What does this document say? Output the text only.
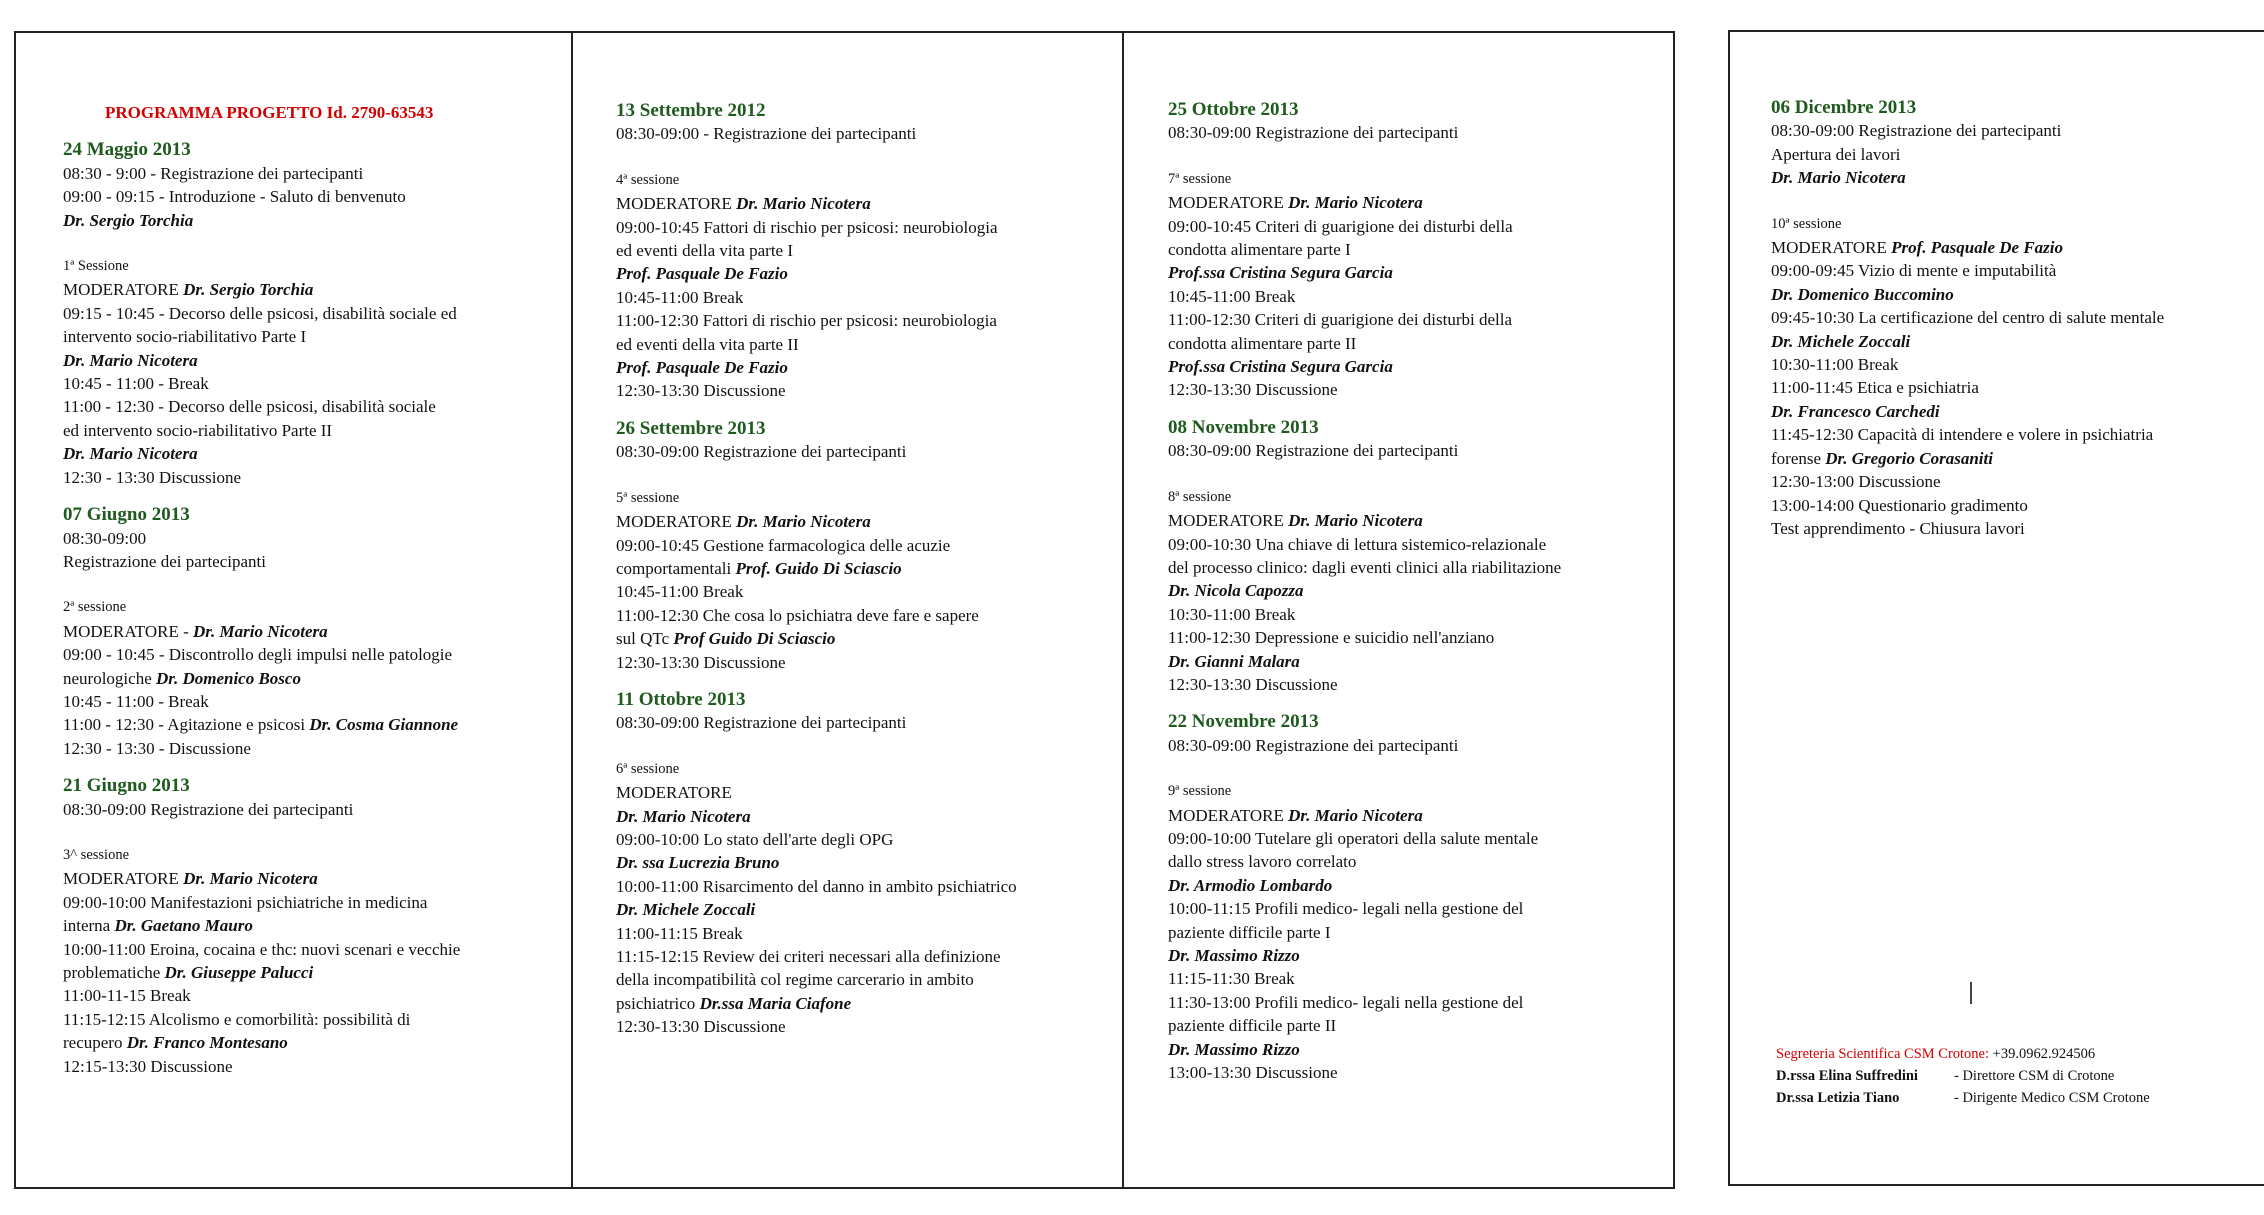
PROGRAMMA PROGETTO Id. 2790-63543
24 Maggio 2013
08:30 - 9:00 - Registrazione dei partecipanti
09:00 - 09:15 - Introduzione - Saluto di benvenuto
Dr. Sergio Torchia
1ª Sessione
MODERATORE Dr. Sergio Torchia
09:15 - 10:45 - Decorso delle psicosi, disabilità sociale ed
intervento socio-riabilitativo Parte I
Dr. Mario Nicotera
10:45 - 11:00 - Break
11:00 - 12:30 - Decorso delle psicosi, disabilità sociale
ed intervento socio-riabilitativo Parte II
Dr. Mario Nicotera
12:30 - 13:30 Discussione
07 Giugno 2013
08:30-09:00
Registrazione dei partecipanti
2ª sessione
MODERATORE - Dr. Mario Nicotera
09:00 - 10:45 - Discontrollo degli impulsi nelle patologie
neurologiche Dr. Domenico Bosco
10:45 - 11:00 - Break
11:00 - 12:30 - Agitazione e psicosi Dr. Cosma Giannone
12:30 - 13:30 - Discussione
21 Giugno 2013
08:30-09:00 Registrazione dei partecipanti
3^ sessione
MODERATORE Dr. Mario Nicotera
09:00-10:00 Manifestazioni psichiatriche in medicina
interna Dr. Gaetano Mauro
10:00-11:00 Eroina, cocaina e thc: nuovi scenari e vecchie
problematiche Dr. Giuseppe Palucci
11:00-11-15 Break
11:15-12:15 Alcolismo e comorbilità: possibilità di
recupero Dr. Franco Montesano
12:15-13:30 Discussione
13 Settembre 2012
08:30-09:00 - Registrazione dei partecipanti
4ª sessione
MODERATORE Dr. Mario Nicotera
09:00-10:45 Fattori di rischio per psicosi: neurobiologia
ed eventi della vita parte I
Prof. Pasquale De Fazio
10:45-11:00 Break
11:00-12:30 Fattori di rischio per psicosi: neurobiologia
ed eventi della vita parte II
Prof. Pasquale De Fazio
12:30-13:30 Discussione
26 Settembre 2013
08:30-09:00 Registrazione dei partecipanti
5ª sessione
MODERATORE Dr. Mario Nicotera
09:00-10:45 Gestione farmacologica delle acuzie
comportamentali Prof. Guido Di Sciascio
10:45-11:00 Break
11:00-12:30 Che cosa lo psichiatra deve fare e sapere
sul QTc Prof Guido Di Sciascio
12:30-13:30 Discussione
11 Ottobre 2013
08:30-09:00 Registrazione dei partecipanti
6ª sessione
MODERATORE
Dr. Mario Nicotera
09:00-10:00 Lo stato dell'arte degli OPG
Dr. ssa Lucrezia Bruno
10:00-11:00 Risarcimento del danno in ambito psichiatrico
Dr. Michele Zoccali
11:00-11:15 Break
11:15-12:15 Review dei criteri necessari alla definizione
della incompatibilità col regime carcerario in ambito
psichiatrico Dr.ssa Maria Ciafone
12:30-13:30 Discussione
25 Ottobre 2013
08:30-09:00 Registrazione dei partecipanti
7ª sessione
MODERATORE Dr. Mario Nicotera
09:00-10:45 Criteri di guarigione dei disturbi della
condotta alimentare parte I
Prof.ssa Cristina Segura Garcia
10:45-11:00 Break
11:00-12:30 Criteri di guarigione dei disturbi della
condotta alimentare parte II
Prof.ssa Cristina Segura Garcia
12:30-13:30 Discussione
08 Novembre 2013
08:30-09:00 Registrazione dei partecipanti
8ª sessione
MODERATORE Dr. Mario Nicotera
09:00-10:30 Una chiave di lettura sistemico-relazionale
del processo clinico: dagli eventi clinici alla riabilitazione
Dr. Nicola Capozza
10:30-11:00 Break
11:00-12:30 Depressione e suicidio nell'anziano
Dr. Gianni Malara
12:30-13:30 Discussione
22 Novembre 2013
08:30-09:00 Registrazione dei partecipanti
9ª sessione
MODERATORE Dr. Mario Nicotera
09:00-10:00 Tutelare gli operatori della salute mentale
dallo stress lavoro correlato
Dr. Armodio Lombardo
10:00-11:15 Profili medico- legali nella gestione del
paziente difficile parte I
Dr. Massimo Rizzo
11:15-11:30 Break
11:30-13:00 Profili medico- legali nella gestione del
paziente difficile parte II
Dr. Massimo Rizzo
13:00-13:30 Discussione
06 Dicembre 2013
08:30-09:00 Registrazione dei partecipanti
Apertura dei lavori
Dr. Mario Nicotera
10ª sessione
MODERATORE Prof. Pasquale De Fazio
09:00-09:45 Vizio di mente e imputabilità
Dr. Domenico Buccomino
09:45-10:30 La certificazione del centro di salute mentale
Dr. Michele Zoccali
10:30-11:00 Break
11:00-11:45 Etica e psichiatria
Dr. Francesco Carchedi
11:45-12:30 Capacità di intendere e volere in psichiatria
forense Dr. Gregorio Corasaniti
12:30-13:00 Discussione
13:00-14:00 Questionario gradimento
Test apprendimento - Chiusura lavori
Segreteria Scientifica CSM Crotone: +39.0962.924506
D.rssa Elina Suffredini	- Direttore CSM di Crotone
Dr.ssa Letizia Tiano	- Dirigente Medico CSM Crotone
